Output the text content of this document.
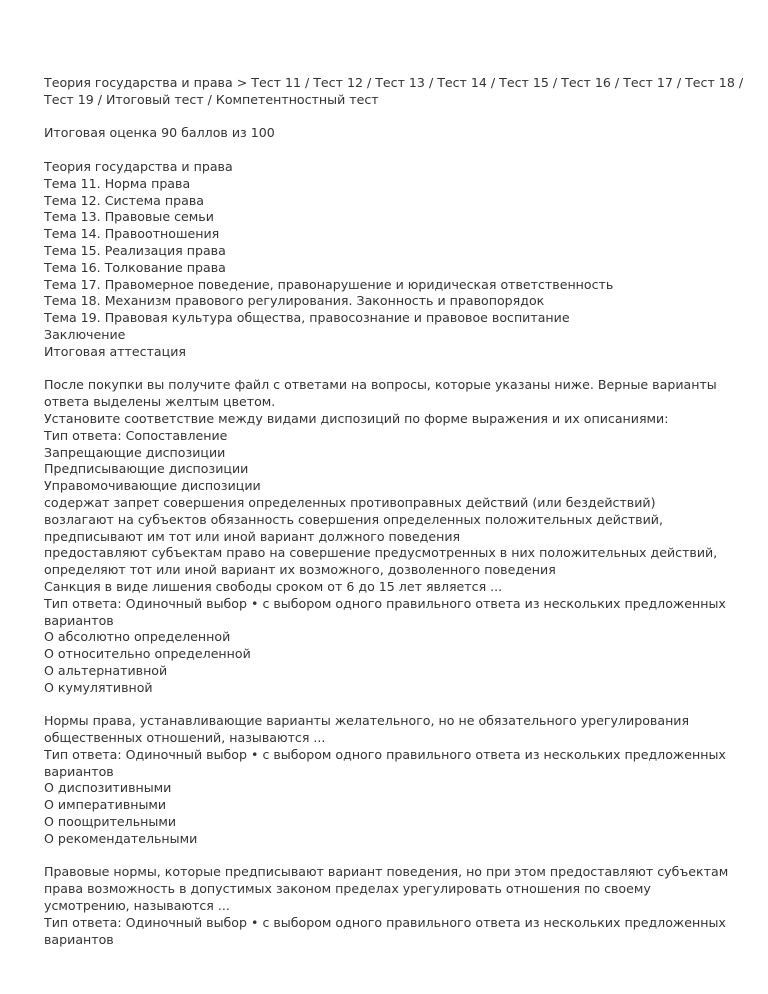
Теория государства и права > Тест 11 / Тест 12 / Тест 13 / Тест 14 / Тест 15 / Тест 16 / Тест 17 / Тест 18 /
Тест 19 / Итоговый тест / Компетентностный тест
Итоговая оценка 90 баллов из 100
Теория государства и права
Тема 11. Норма права
Тема 12. Система права
Тема 13. Правовые семьи
Тема 14. Правоотношения
Тема 15. Реализация права
Тема 16. Толкование права
Тема 17. Правомерное поведение, правонарушение и юридическая ответственность
Тема 18. Механизм правового регулирования. Законность и правопорядок
Тема 19. Правовая культура общества, правосознание и правовое воспитание
Заключение
Итоговая аттестация
После покупки вы получите файл с ответами на вопросы, которые указаны ниже. Верные варианты
ответа выделены желтым цветом.
Установите соответствие между видами диспозиций по форме выражения и их описаниями:
Тип ответа: Сопоставление
Запрещающие диспозиции
Предписывающие диспозиции
Управомочивающие диспозиции
содержат запрет совершения определенных противоправных действий (или бездействий)
возлагают на субъектов обязанность совершения определенных положительных действий,
предписывают им тот или иной вариант должного поведения
предоставляют субъектам право на совершение предусмотренных в них положительных действий,
определяют тот или иной вариант их возможного, дозволенного поведения
Санкция в виде лишения свободы сроком от 6 до 15 лет является ...
Тип ответа: Одиночный выбор • с выбором одного правильного ответа из нескольких предложенных
вариантов
O абсолютно определенной
O относительно определенной
O альтернативной
O кумулятивной
Нормы права, устанавливающие варианты желательного, но не обязательного урегулирования
общественных отношений, называются ...
Тип ответа: Одиночный выбор • с выбором одного правильного ответа из нескольких предложенных
вариантов
O диспозитивными
O императивными
O поощрительными
O рекомендательными
Правовые нормы, которые предписывают вариант поведения, но при этом предоставляют субъектам
права возможность в допустимых законом пределах урегулировать отношения по своему
усмотрению, называются ...
Тип ответа: Одиночный выбор • с выбором одного правильного ответа из нескольких предложенных
вариантов
